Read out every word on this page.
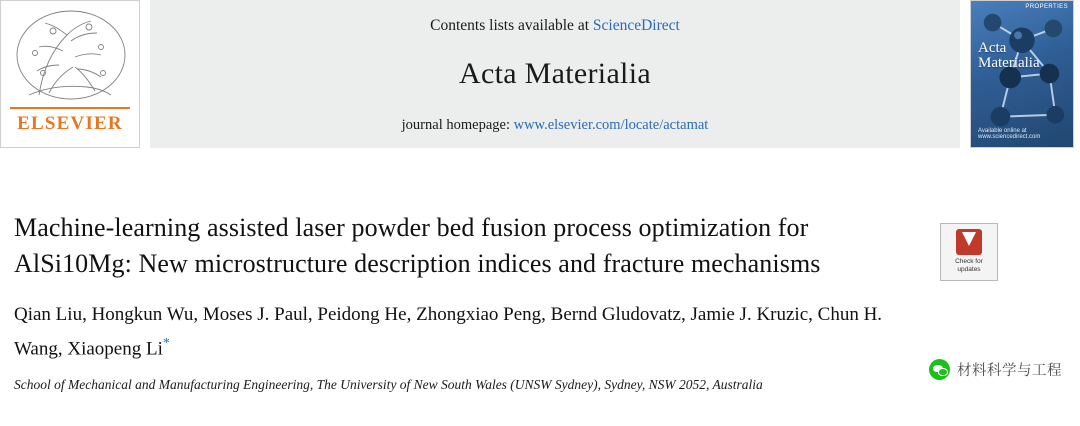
ELSEVIER
Contents lists available at ScienceDirect
Acta Materialia
journal homepage: www.elsevier.com/locate/actamat
PROPERTIES
Acta
Materialia
Available online at www.sciencedirect.com
Machine-learning assisted laser powder bed fusion process optimization for AlSi10Mg: New microstructure description indices and fracture mechanisms
Qian Liu, Hongkun Wu, Moses J. Paul, Peidong He, Zhongxiao Peng, Bernd Gludovatz, Jamie J. Kruzic, Chun H. Wang, Xiaopeng Li*
School of Mechanical and Manufacturing Engineering, The University of New South Wales (UNSW Sydney), Sydney, NSW 2052, Australia
Check for
updates
材料科学与工程
